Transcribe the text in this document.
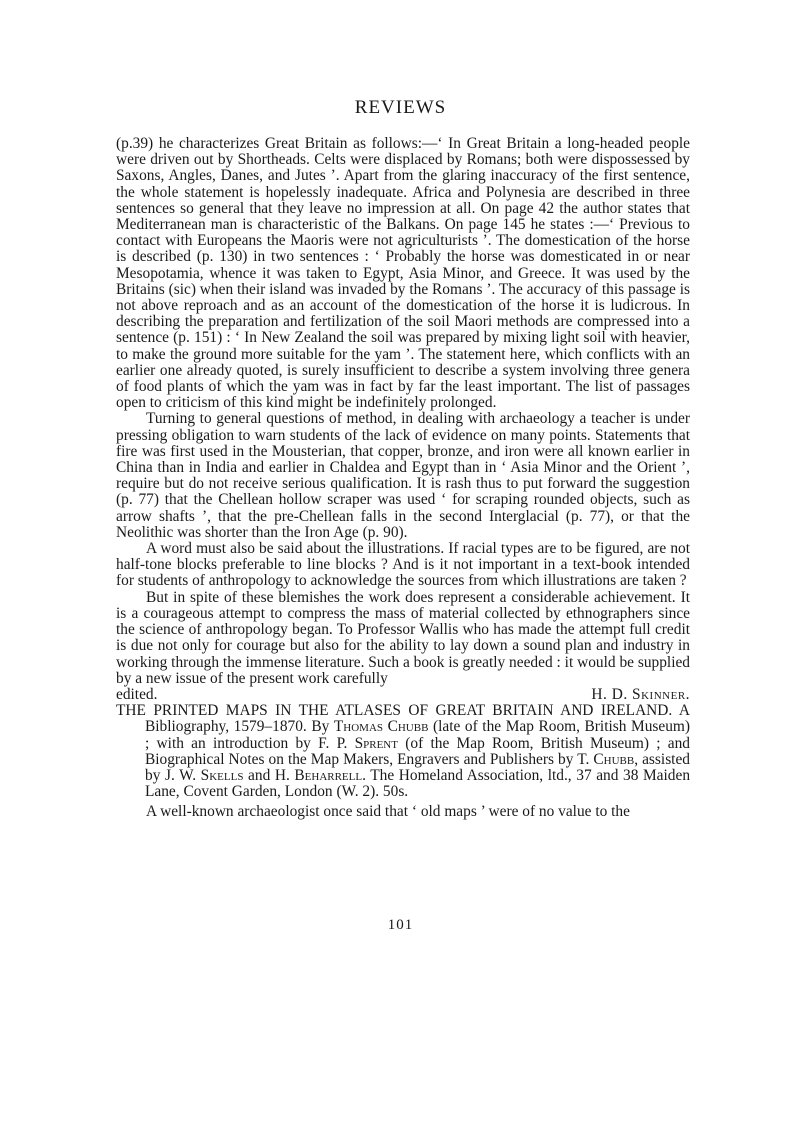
REVIEWS

(p.39) he characterizes Great Britain as follows:—‘ In Great Britain a long-headed people were driven out by Shortheads. Celts were displaced by Romans; both were dispossessed by Saxons, Angles, Danes, and Jutes ’. Apart from the glaring inaccuracy of the first sentence, the whole statement is hopelessly inadequate. Africa and Polynesia are described in three sentences so general that they leave no impression at all. On page 42 the author states that Mediterranean man is characteristic of the Balkans. On page 145 he states :—‘ Previous to contact with Europeans the Maoris were not agriculturists ’. The domestication of the horse is described (p. 130) in two sentences : ‘ Probably the horse was domesticated in or near Mesopotamia, whence it was taken to Egypt, Asia Minor, and Greece. It was used by the Britains (sic) when their island was invaded by the Romans ’. The accuracy of this passage is not above reproach and as an account of the domestication of the horse it is ludicrous. In describing the preparation and fertilization of the soil Maori methods are compressed into a sentence (p. 151) : ‘ In New Zealand the soil was prepared by mixing light soil with heavier, to make the ground more suitable for the yam ’. The statement here, which conflicts with an earlier one already quoted, is surely insufficient to describe a system involving three genera of food plants of which the yam was in fact by far the least important. The list of passages open to criticism of this kind might be indefinitely prolonged.

Turning to general questions of method, in dealing with archaeology a teacher is under pressing obligation to warn students of the lack of evidence on many points. Statements that fire was first used in the Mousterian, that copper, bronze, and iron were all known earlier in China than in India and earlier in Chaldea and Egypt than in ‘ Asia Minor and the Orient ’, require but do not receive serious qualification. It is rash thus to put forward the suggestion (p. 77) that the Chellean hollow scraper was used ‘ for scraping rounded objects, such as arrow shafts ’, that the pre-Chellean falls in the second Interglacial (p. 77), or that the Neolithic was shorter than the Iron Age (p. 90).

A word must also be said about the illustrations. If racial types are to be figured, are not half-tone blocks preferable to line blocks ? And is it not important in a text-book intended for students of anthropology to acknowledge the sources from which illustrations are taken ?

But in spite of these blemishes the work does represent a considerable achievement. It is a courageous attempt to compress the mass of material collected by ethnographers since the science of anthropology began. To Professor Wallis who has made the attempt full credit is due not only for courage but also for the ability to lay down a sound plan and industry in working through the immense literature. Such a book is greatly needed : it would be supplied by a new issue of the present work carefully

edited.	H. D. Skinner.

THE PRINTED MAPS IN THE ATLASES OF GREAT BRITAIN AND IRELAND. A Bibliography, 1579–1870. By Thomas Chubb (late of the Map Room, British Museum) ; with an introduction by F. P. Sprent (of the Map Room, British Museum) ; and Biographical Notes on the Map Makers, Engravers and Publishers by T. Chubb, assisted by J. W. Skells and H. Beharrell. The Homeland Association, ltd., 37 and 38 Maiden Lane, Covent Garden, London (W. 2). 50s.

A well-known archaeologist once said that ‘ old maps ’ were of no value to the

101
